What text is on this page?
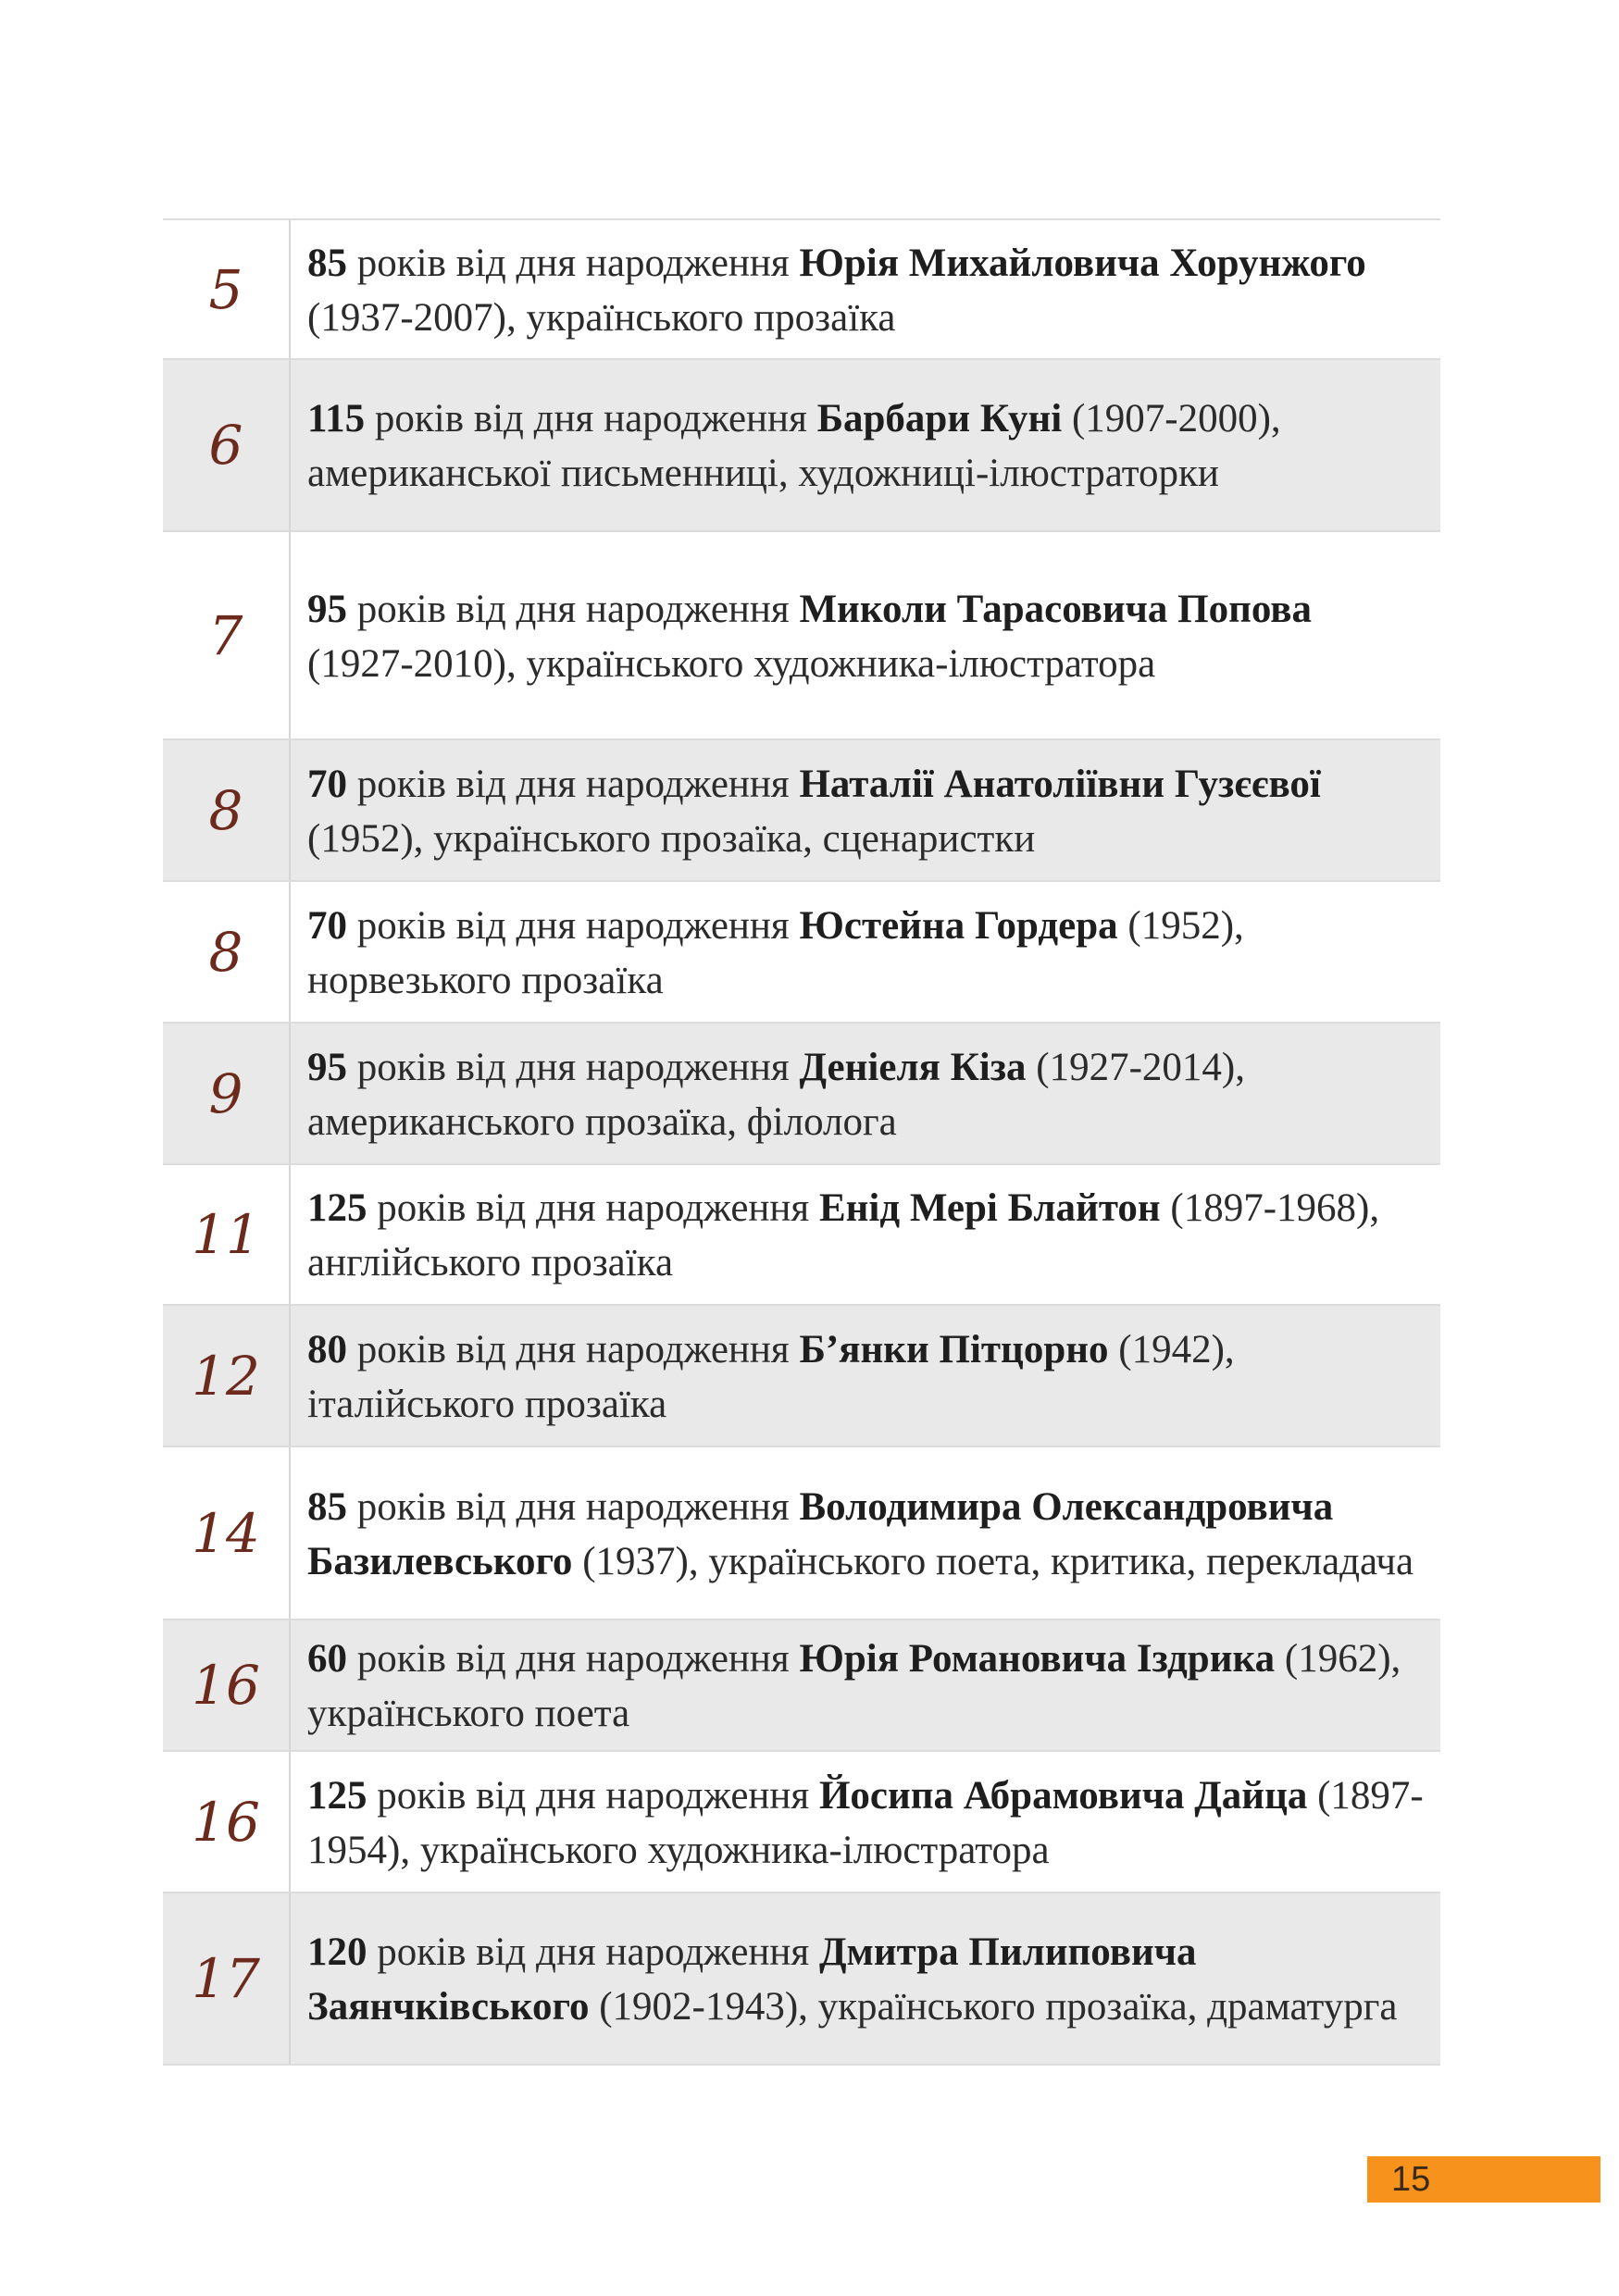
5 85 років від дня народження Юрія Михайловича Хорунжого (1937-2007), українського прозаїка
6 115 років від дня народження Барбари Куні (1907-2000), американської письменниці, художниці-ілюстраторки
7 95 років від дня народження Миколи Тарасовича Попова (1927-2010), українського художника-ілюстратора
8 70 років від дня народження Наталії Анатоліївни Гузєєвої (1952), українського прозаїка, сценаристки
8 70 років від дня народження Юстейна Гордера (1952), норвезького прозаїка
9 95 років від дня народження Деніеля Кіза (1927-2014), американського прозаїка, філолога
11 125 років від дня народження Енід Мері Блайтон (1897-1968), англійського прозаїка
12 80 років від дня народження Б’янки Пітцорно (1942), італійського прозаїка
14 85 років від дня народження Володимира Олександровича Базилевського (1937), українського поета, критика, перекладача
16 60 років від дня народження Юрія Романовича Іздрика (1962), українського поета
16 125 років від дня народження Йосипа Абрамовича Дайца (1897-1954), українського художника-ілюстратора
17 120 років від дня народження Дмитра Пилиповича Заянчківського (1902-1943), українського прозаїка, драматурга
15
